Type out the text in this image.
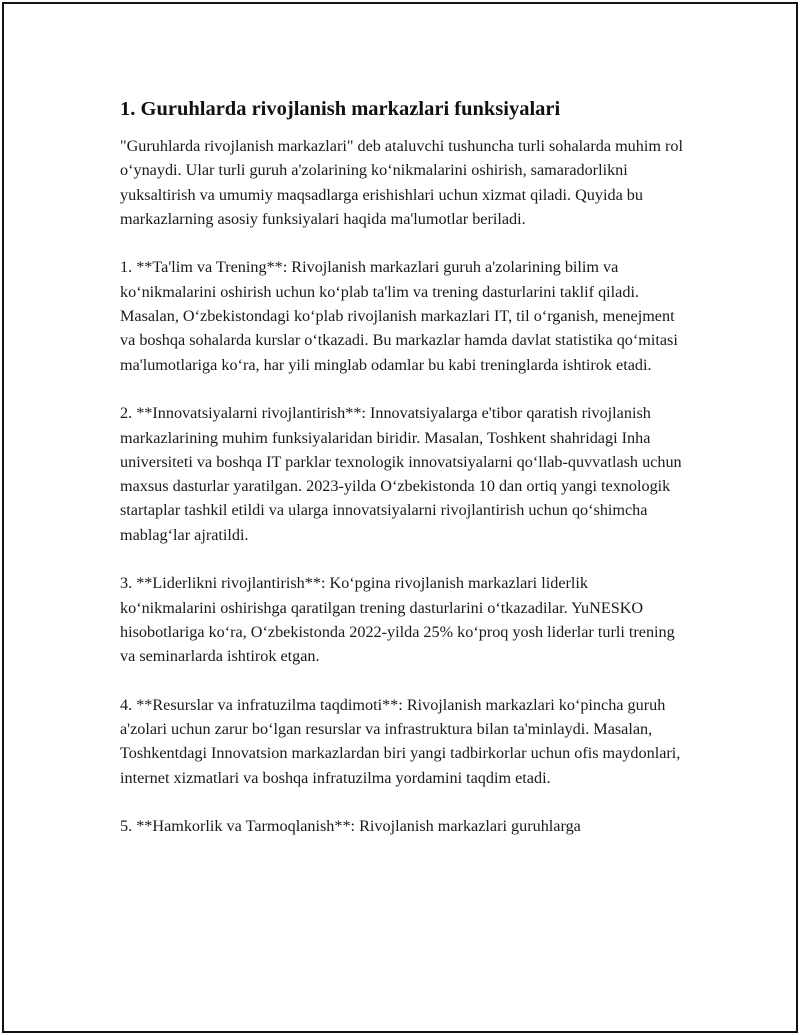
1. Guruhlarda rivojlanish markazlari funksiyalari

"Guruhlarda rivojlanish markazlari" deb ataluvchi tushuncha turli sohalarda muhim rol oʻynaydi. Ular turli guruh a'zolarining koʻnikmalarini oshirish, samaradorlikni yuksaltirish va umumiy maqsadlarga erishishlari uchun xizmat qiladi. Quyida bu markazlarning asosiy funksiyalari haqida ma'lumotlar beriladi.

1. **Ta'lim va Trening**: Rivojlanish markazlari guruh a'zolarining bilim va koʻnikmalarini oshirish uchun koʻplab ta'lim va trening dasturlarini taklif qiladi. Masalan, Oʻzbekistondagi koʻplab rivojlanish markazlari IT, til oʻrganish, menejment va boshqa sohalarda kurslar oʻtkazadi. Bu markazlar hamda davlat statistika qoʻmitasi ma'lumotlariga koʻra, har yili minglab odamlar bu kabi treninglarda ishtirok etadi.

2. **Innovatsiyalarni rivojlantirish**: Innovatsiyalarga e'tibor qaratish rivojlanish markazlarining muhim funksiyalaridan biridir. Masalan, Toshkent shahridagi Inha universiteti va boshqa IT parklar texnologik innovatsiyalarni qoʻllab-quvvatlash uchun maxsus dasturlar yaratilgan. 2023-yilda Oʻzbekistonda 10 dan ortiq yangi texnologik startaplar tashkil etildi va ularga innovatsiyalarni rivojlantirish uchun qoʻshimcha mablagʻlar ajratildi.

3. **Liderlikni rivojlantirish**: Koʻpgina rivojlanish markazlari liderlik koʻnikmalarini oshirishga qaratilgan trening dasturlarini oʻtkazadilar. YuNESKO hisobotlariga koʻra, Oʻzbekistonda 2022-yilda 25% koʻproq yosh liderlar turli trening va seminarlarda ishtirok etgan.

4. **Resurslar va infratuzilma taqdimoti**: Rivojlanish markazlari koʻpincha guruh a'zolari uchun zarur boʻlgan resurslar va infrastruktura bilan ta'minlaydi. Masalan, Toshkentdagi Innovatsion markazlardan biri yangi tadbirkorlar uchun ofis maydonlari, internet xizmatlari va boshqa infratuzilma yordamini taqdim etadi.

5. **Hamkorlik va Tarmoqlanish**: Rivojlanish markazlari guruhlarga
